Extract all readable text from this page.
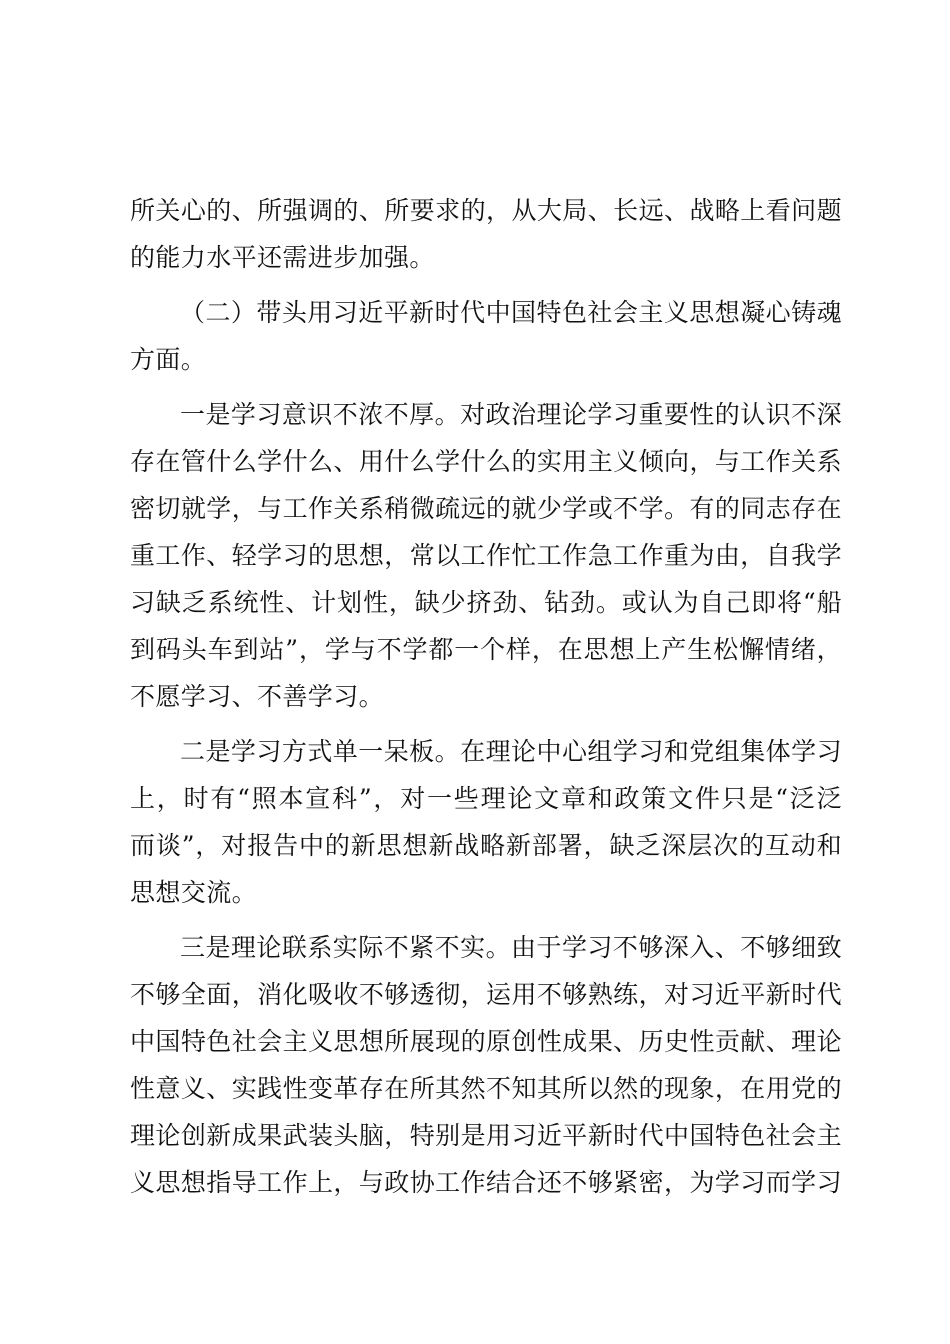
所关心的、所强调的、所要求的，从大局、长远、战略上看问题
的能力水平还需进步加强。
（二）带头用习近平新时代中国特色社会主义思想凝心铸魂
方面。
一是学习意识不浓不厚。对政治理论学习重要性的认识不深
存在管什么学什么、用什么学什么的实用主义倾向，与工作关系
密切就学，与工作关系稍微疏远的就少学或不学。有的同志存在
重工作、轻学习的思想，常以工作忙工作急工作重为由，自我学
习缺乏系统性、计划性，缺少挤劲、钻劲。或认为自己即将“船
到码头车到站”，学与不学都一个样，在思想上产生松懈情绪，
不愿学习、不善学习。
二是学习方式单一呆板。在理论中心组学习和党组集体学习
上，时有“照本宣科”，对一些理论文章和政策文件只是“泛泛
而谈”，对报告中的新思想新战略新部署，缺乏深层次的互动和
思想交流。
三是理论联系实际不紧不实。由于学习不够深入、不够细致
不够全面，消化吸收不够透彻，运用不够熟练，对习近平新时代
中国特色社会主义思想所展现的原创性成果、历史性贡献、理论
性意义、实践性变革存在所其然不知其所以然的现象，在用党的
理论创新成果武装头脑，特别是用习近平新时代中国特色社会主
义思想指导工作上，与政协工作结合还不够紧密，为学习而学习
